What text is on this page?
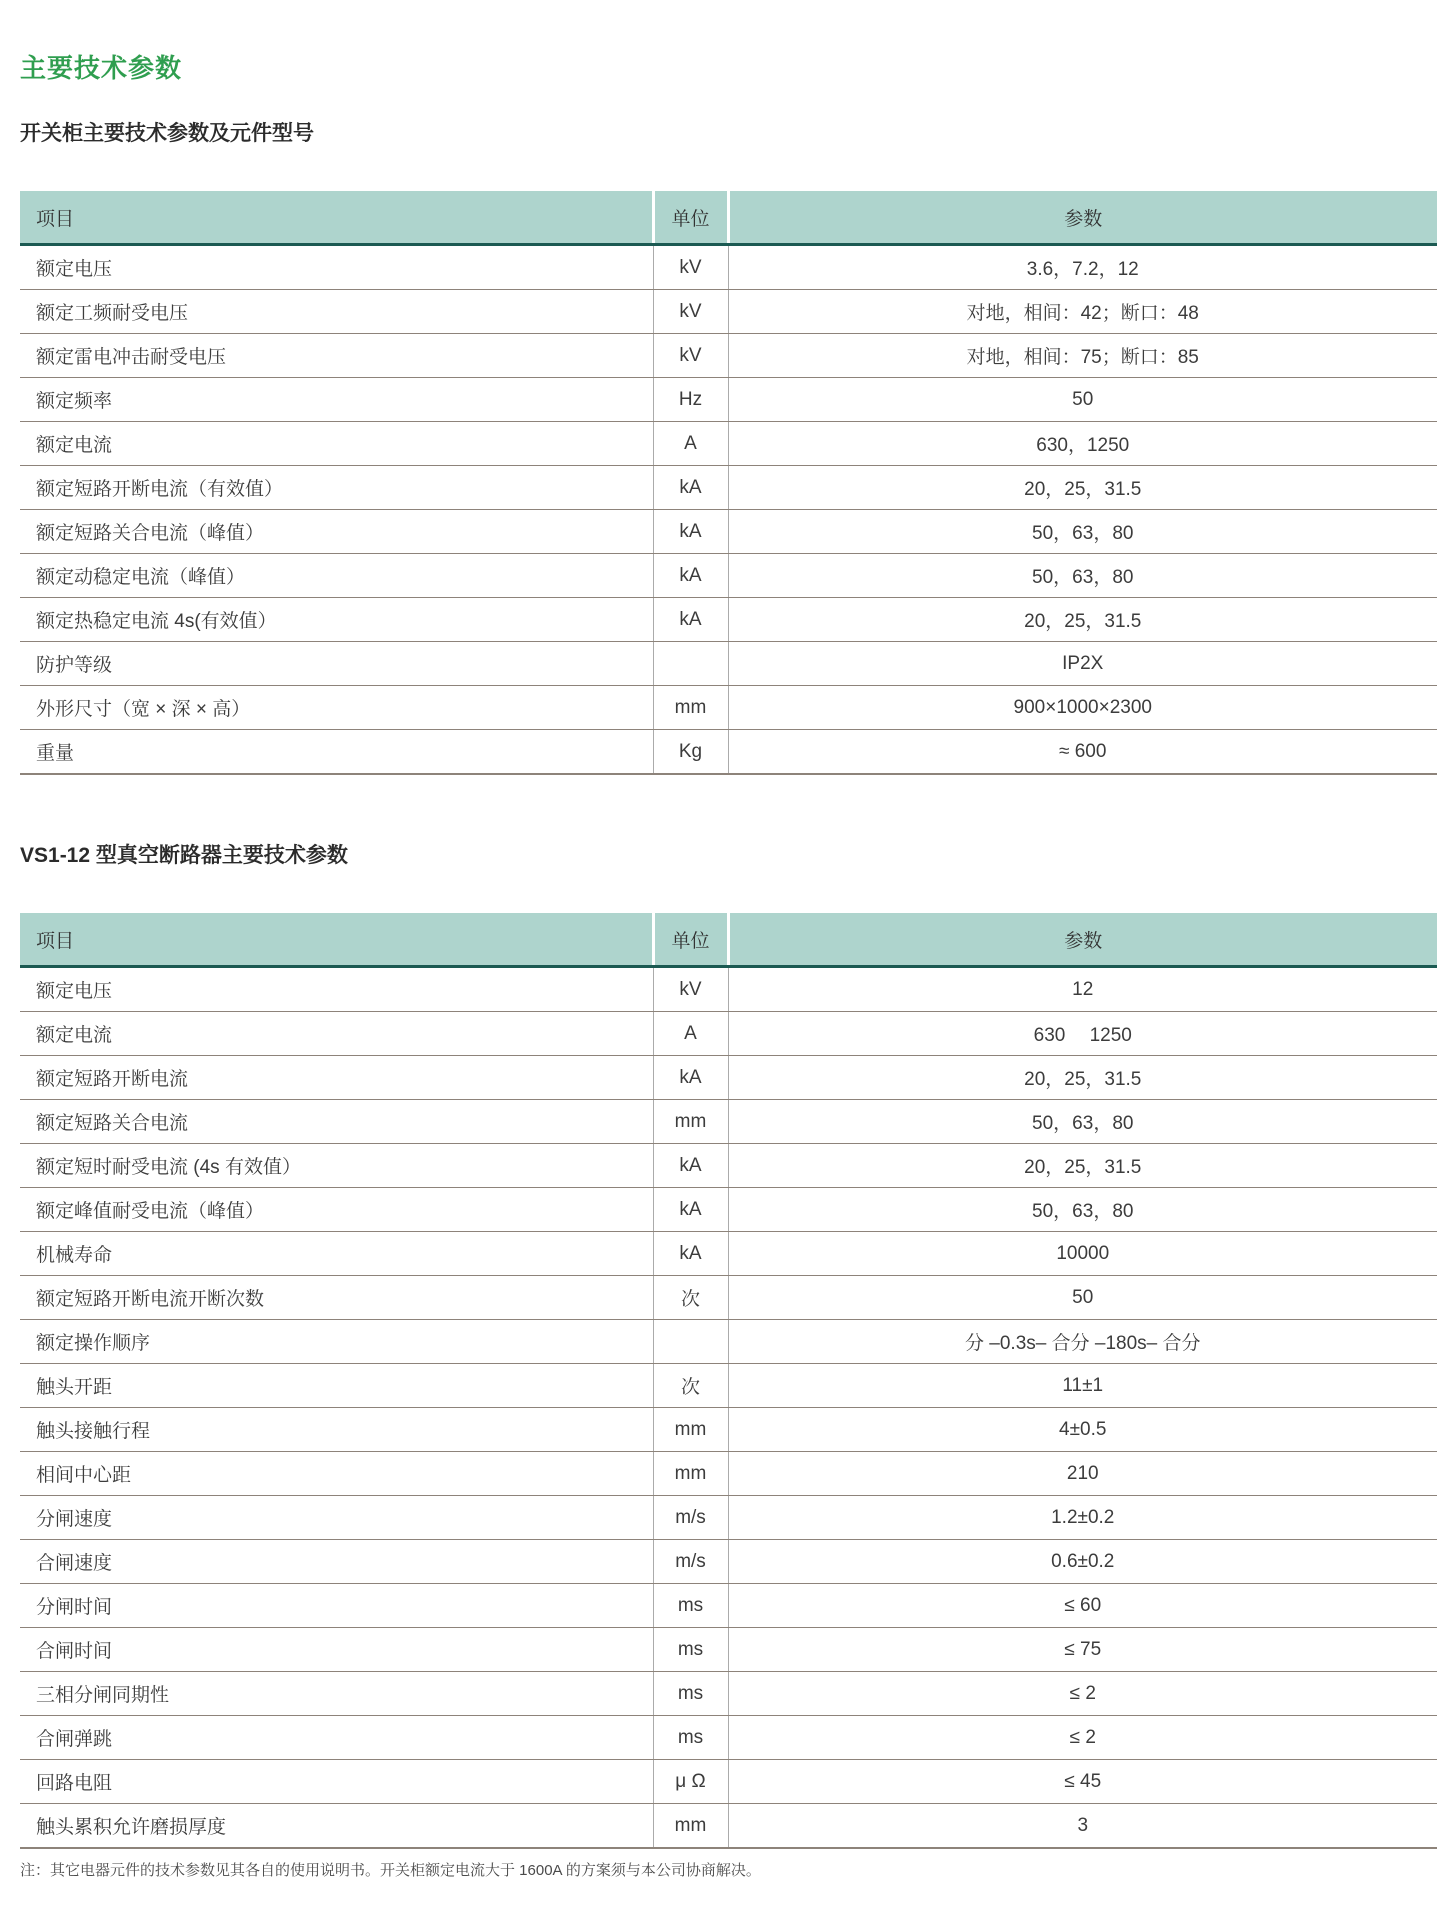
主要技术参数
开关柜主要技术参数及元件型号
项目	单位	参数
额定电压	kV	3.6，7.2，12
额定工频耐受电压	kV	对地，相间：42；断口：48
额定雷电冲击耐受电压	kV	对地，相间：75；断口：85
额定频率	Hz	50
额定电流	A	630，1250
额定短路开断电流（有效值）	kA	20，25，31.5
额定短路关合电流（峰值）	kA	50，63，80
额定动稳定电流（峰值）	kA	50，63，80
额定热稳定电流 4s(有效值）	kA	20，25，31.5
防护等级		IP2X
外形尺寸（宽 × 深 × 高）	mm	900×1000×2300
重量	Kg	≈ 600
VS1-12 型真空断路器主要技术参数
项目	单位	参数
额定电压	kV	12
额定电流	A	630　 1250
额定短路开断电流	kA	20，25，31.5
额定短路关合电流	mm	50，63，80
额定短时耐受电流 (4s 有效值）	kA	20，25，31.5
额定峰值耐受电流（峰值）	kA	50，63，80
机械寿命	kA	10000
额定短路开断电流开断次数	次	50
额定操作顺序		分 –0.3s– 合分 –180s– 合分
触头开距	次	11±1
触头接触行程	mm	4±0.5
相间中心距	mm	210
分闸速度	m/s	1.2±0.2
合闸速度	m/s	0.6±0.2
分闸时间	ms	≤ 60
合闸时间	ms	≤ 75
三相分闸同期性	ms	≤ 2
合闸弹跳	ms	≤ 2
回路电阻	μ Ω	≤ 45
触头累积允许磨损厚度	mm	3
注：其它电器元件的技术参数见其各自的使用说明书。开关柜额定电流大于 1600A 的方案须与本公司协商解决。
